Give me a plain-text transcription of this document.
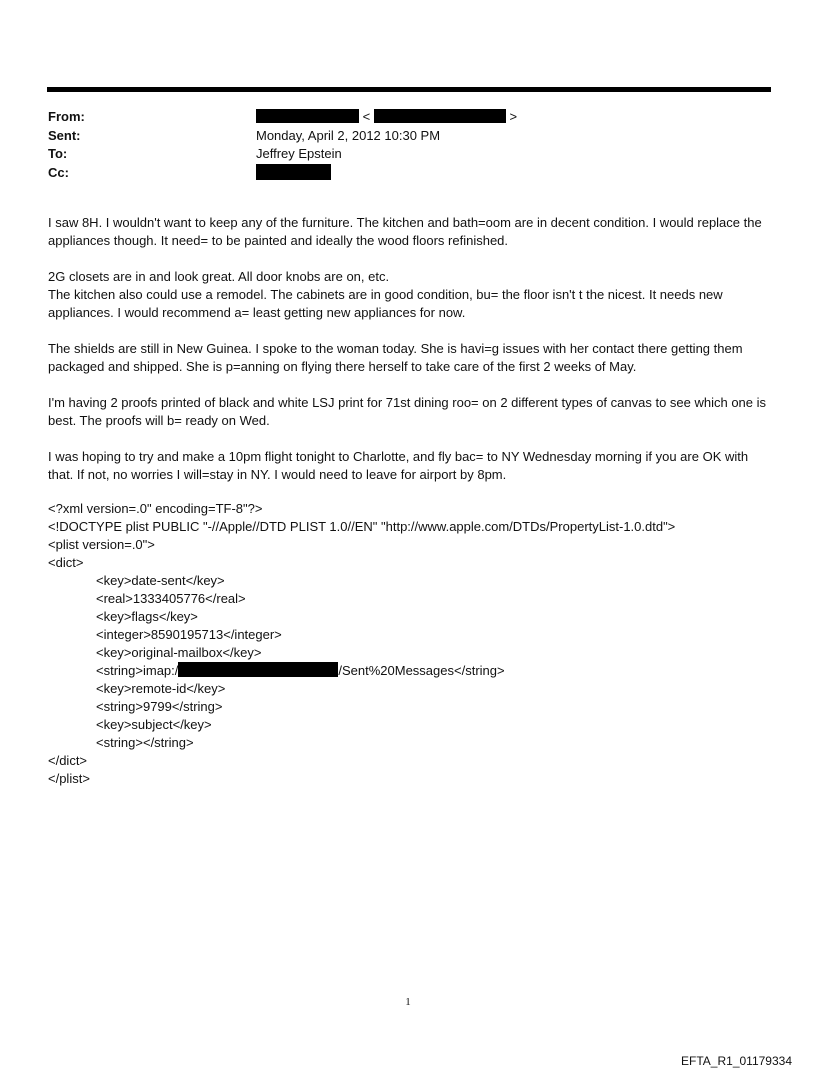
From:	<	>
Sent:	Monday, April 2, 2012 10:30 PM
To:	Jeffrey Epstein
Cc:

I saw 8H. I wouldn't want to keep any of the furniture. The kitchen and bath=oom are in decent condition. I would replace the appliances though. It need= to be painted and ideally the wood floors refinished.

2G closets are in and look great. All door knobs are on, etc.

The kitchen also could use a remodel. The cabinets are in good condition, bu= the floor isn't t the nicest. It needs new appliances. I would recommend a= least getting new appliances for now.

The shields are still in New Guinea. I spoke to the woman today. She is havi=g issues with her contact there getting them packaged and shipped. She is p=anning on flying there herself to take care of the first 2 weeks of May.

I'm having 2 proofs printed of black and white LSJ print for 71st dining roo= on 2 different types of canvas to see which one is best. The proofs will b= ready on Wed.

I was hoping to try and make a 10pm flight tonight to Charlotte, and fly bac= to NY Wednesday morning if you are OK with that. If not, no worries I will=stay in NY. I would need to leave for airport by 8pm.

<?xml version=.0" encoding=TF-8"?>
<!DOCTYPE plist PUBLIC "-//Apple//DTD PLIST 1.0//EN" "http://www.apple.com/DTDs/PropertyList-1.0.dtd">
<plist version=.0">
<dict>
<key>date-sent</key>
<real>1333405776</real>
<key>flags</key>
<integer>8590195713</integer>
<key>original-mailbox</key>
<string>imap:/	/Sent%20Messages</string>
<key>remote-id</key>
<string>9799</string>
<key>subject</key>
<string></string>
</dict>
</plist>
1
EFTA_R1_01179334
